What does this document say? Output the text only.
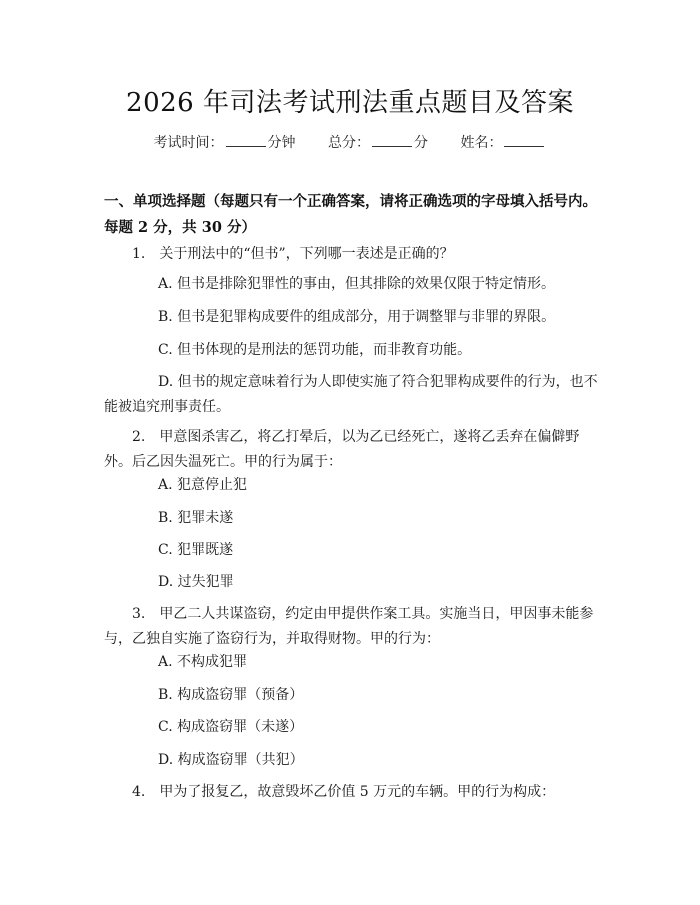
2026 年司法考试刑法重点题目及答案
考试时间：	分钟 总分：	分 姓名：
一、单项选择题（每题只有一个正确答案，请将正确选项的字母填入括号内。每题 2 分，共 30 分）
1.　关于刑法中的“但书”，下列哪一表述是正确的？
A. 但书是排除犯罪性的事由，但其排除的效果仅限于特定情形。
B. 但书是犯罪构成要件的组成部分，用于调整罪与非罪的界限。
C. 但书体现的是刑法的惩罚功能，而非教育功能。
D. 但书的规定意味着行为人即使实施了符合犯罪构成要件的行为，也不能被追究刑事责任。
2.　甲意图杀害乙，将乙打晕后，以为乙已经死亡，遂将乙丢弃在偏僻野外。后乙因失温死亡。甲的行为属于：
A. 犯意停止犯
B. 犯罪未遂
C. 犯罪既遂
D. 过失犯罪
3.　甲乙二人共谋盗窃，约定由甲提供作案工具。实施当日，甲因事未能参与，乙独自实施了盗窃行为，并取得财物。甲的行为：
A. 不构成犯罪
B. 构成盗窃罪（预备）
C. 构成盗窃罪（未遂）
D. 构成盗窃罪（共犯）
4.　甲为了报复乙，故意毁坏乙价值 5 万元的车辆。甲的行为构成：
